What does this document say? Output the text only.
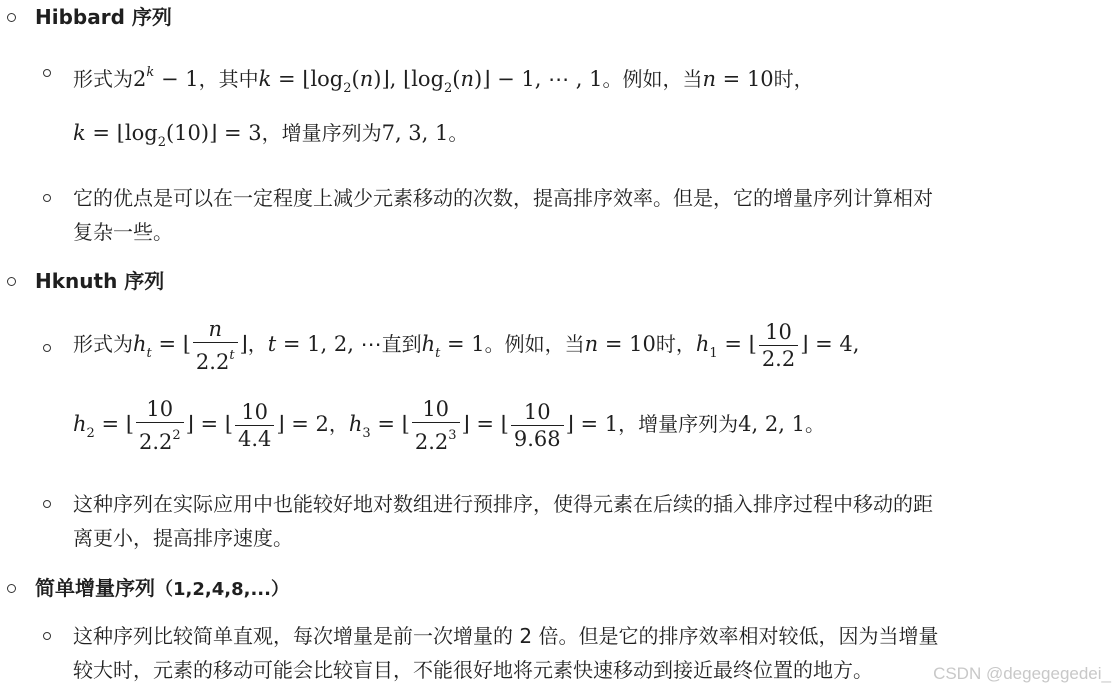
Hibbard 序列
形式为$2^k - 1$，其中$k = ⌊\log_2(n)⌋$, $⌊\log_2(n)⌋ - 1$, ⋯ , 1。例如，当n = 10时，
$k = ⌊\log_2(10)⌋ = 3$，增量序列为7, 3, 1。
它的优点是可以在一定程度上减少元素移动的次数，提高排序效率。但是，它的增量序列计算相对
复杂一些。
Hknuth 序列
形式为$h_t$ = ⌊ $\frac{n}{2.2^t}$ ⌋，t = 1, 2, ⋯直到$h_t = 1$。例如，当n = 10时，$h_1$ = ⌊ $\frac{10}{2.2}$ ⌋ = 4,
$h_2$ = ⌊ $\frac{10}{2.2^2}$ ⌋ = ⌊ $\frac{10}{4.4}$ ⌋ = 2，$h_3$ = ⌊ $\frac{10}{2.2^3}$ ⌋ = ⌊ $\frac{10}{9.68}$ ⌋ = 1，增量序列为4, 2, 1。
这种序列在实际应用中也能较好地对数组进行预排序，使得元素在后续的插入排序过程中移动的距
离更小，提高排序速度。
简单增量序列（1,2,4,8,...）
这种序列比较简单直观，每次增量是前一次增量的 2 倍。但是它的排序效率相对较低，因为当增量
较大时，元素的移动可能会比较盲目，不能很好地将元素快速移动到接近最终位置的地方。	CSDN @degegegedei_
